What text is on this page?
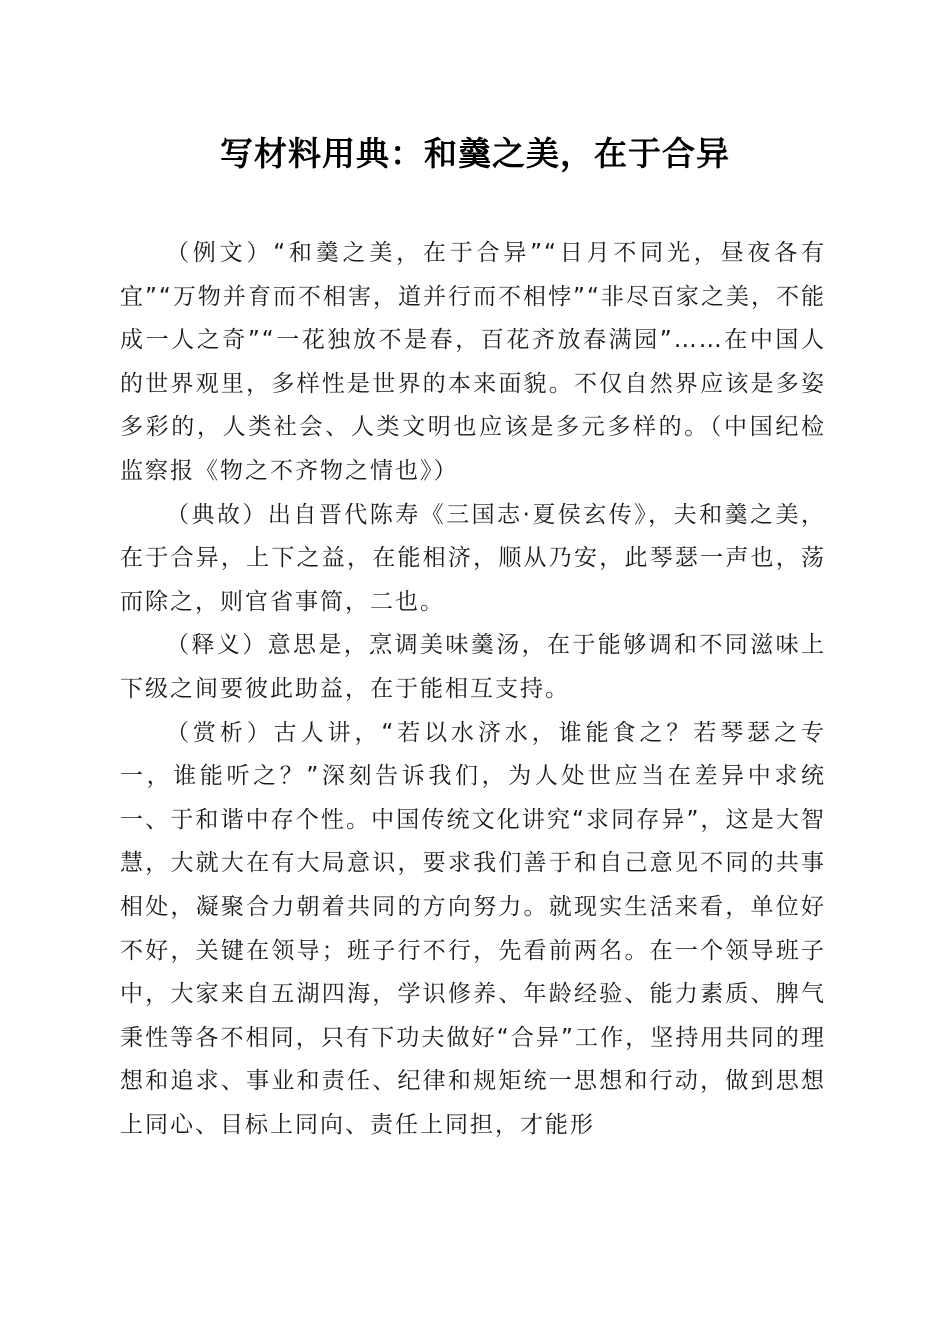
写材料用典：和羹之美，在于合异

（例文）“和羹之美，在于合异”“日月不同光，昼夜各有宜”“万物并育而不相害，道并行而不相悖”“非尽百家之美，不能成一人之奇”“一花独放不是春，百花齐放春满园”……在中国人的世界观里，多样性是世界的本来面貌。不仅自然界应该是多姿多彩的，人类社会、人类文明也应该是多元多样的。（中国纪检监察报《物之不齐物之情也》）

（典故）出自晋代陈寿《三国志·夏侯玄传》，夫和羹之美，在于合异，上下之益，在能相济，顺从乃安，此琴瑟一声也，荡而除之，则官省事简，二也。

（释义）意思是，烹调美味羹汤，在于能够调和不同滋味上下级之间要彼此助益，在于能相互支持。

（赏析）古人讲，“若以水济水，谁能食之？若琴瑟之专一，谁能听之？”深刻告诉我们，为人处世应当在差异中求统一、于和谐中存个性。中国传统文化讲究“求同存异”，这是大智慧，大就大在有大局意识，要求我们善于和自己意见不同的共事相处，凝聚合力朝着共同的方向努力。就现实生活来看，单位好不好，关键在领导；班子行不行，先看前两名。在一个领导班子中，大家来自五湖四海，学识修养、年龄经验、能力素质、脾气秉性等各不相同，只有下功夫做好“合异”工作，坚持用共同的理想和追求、事业和责任、纪律和规矩统一思想和行动，做到思想上同心、目标上同向、责任上同担，才能形
